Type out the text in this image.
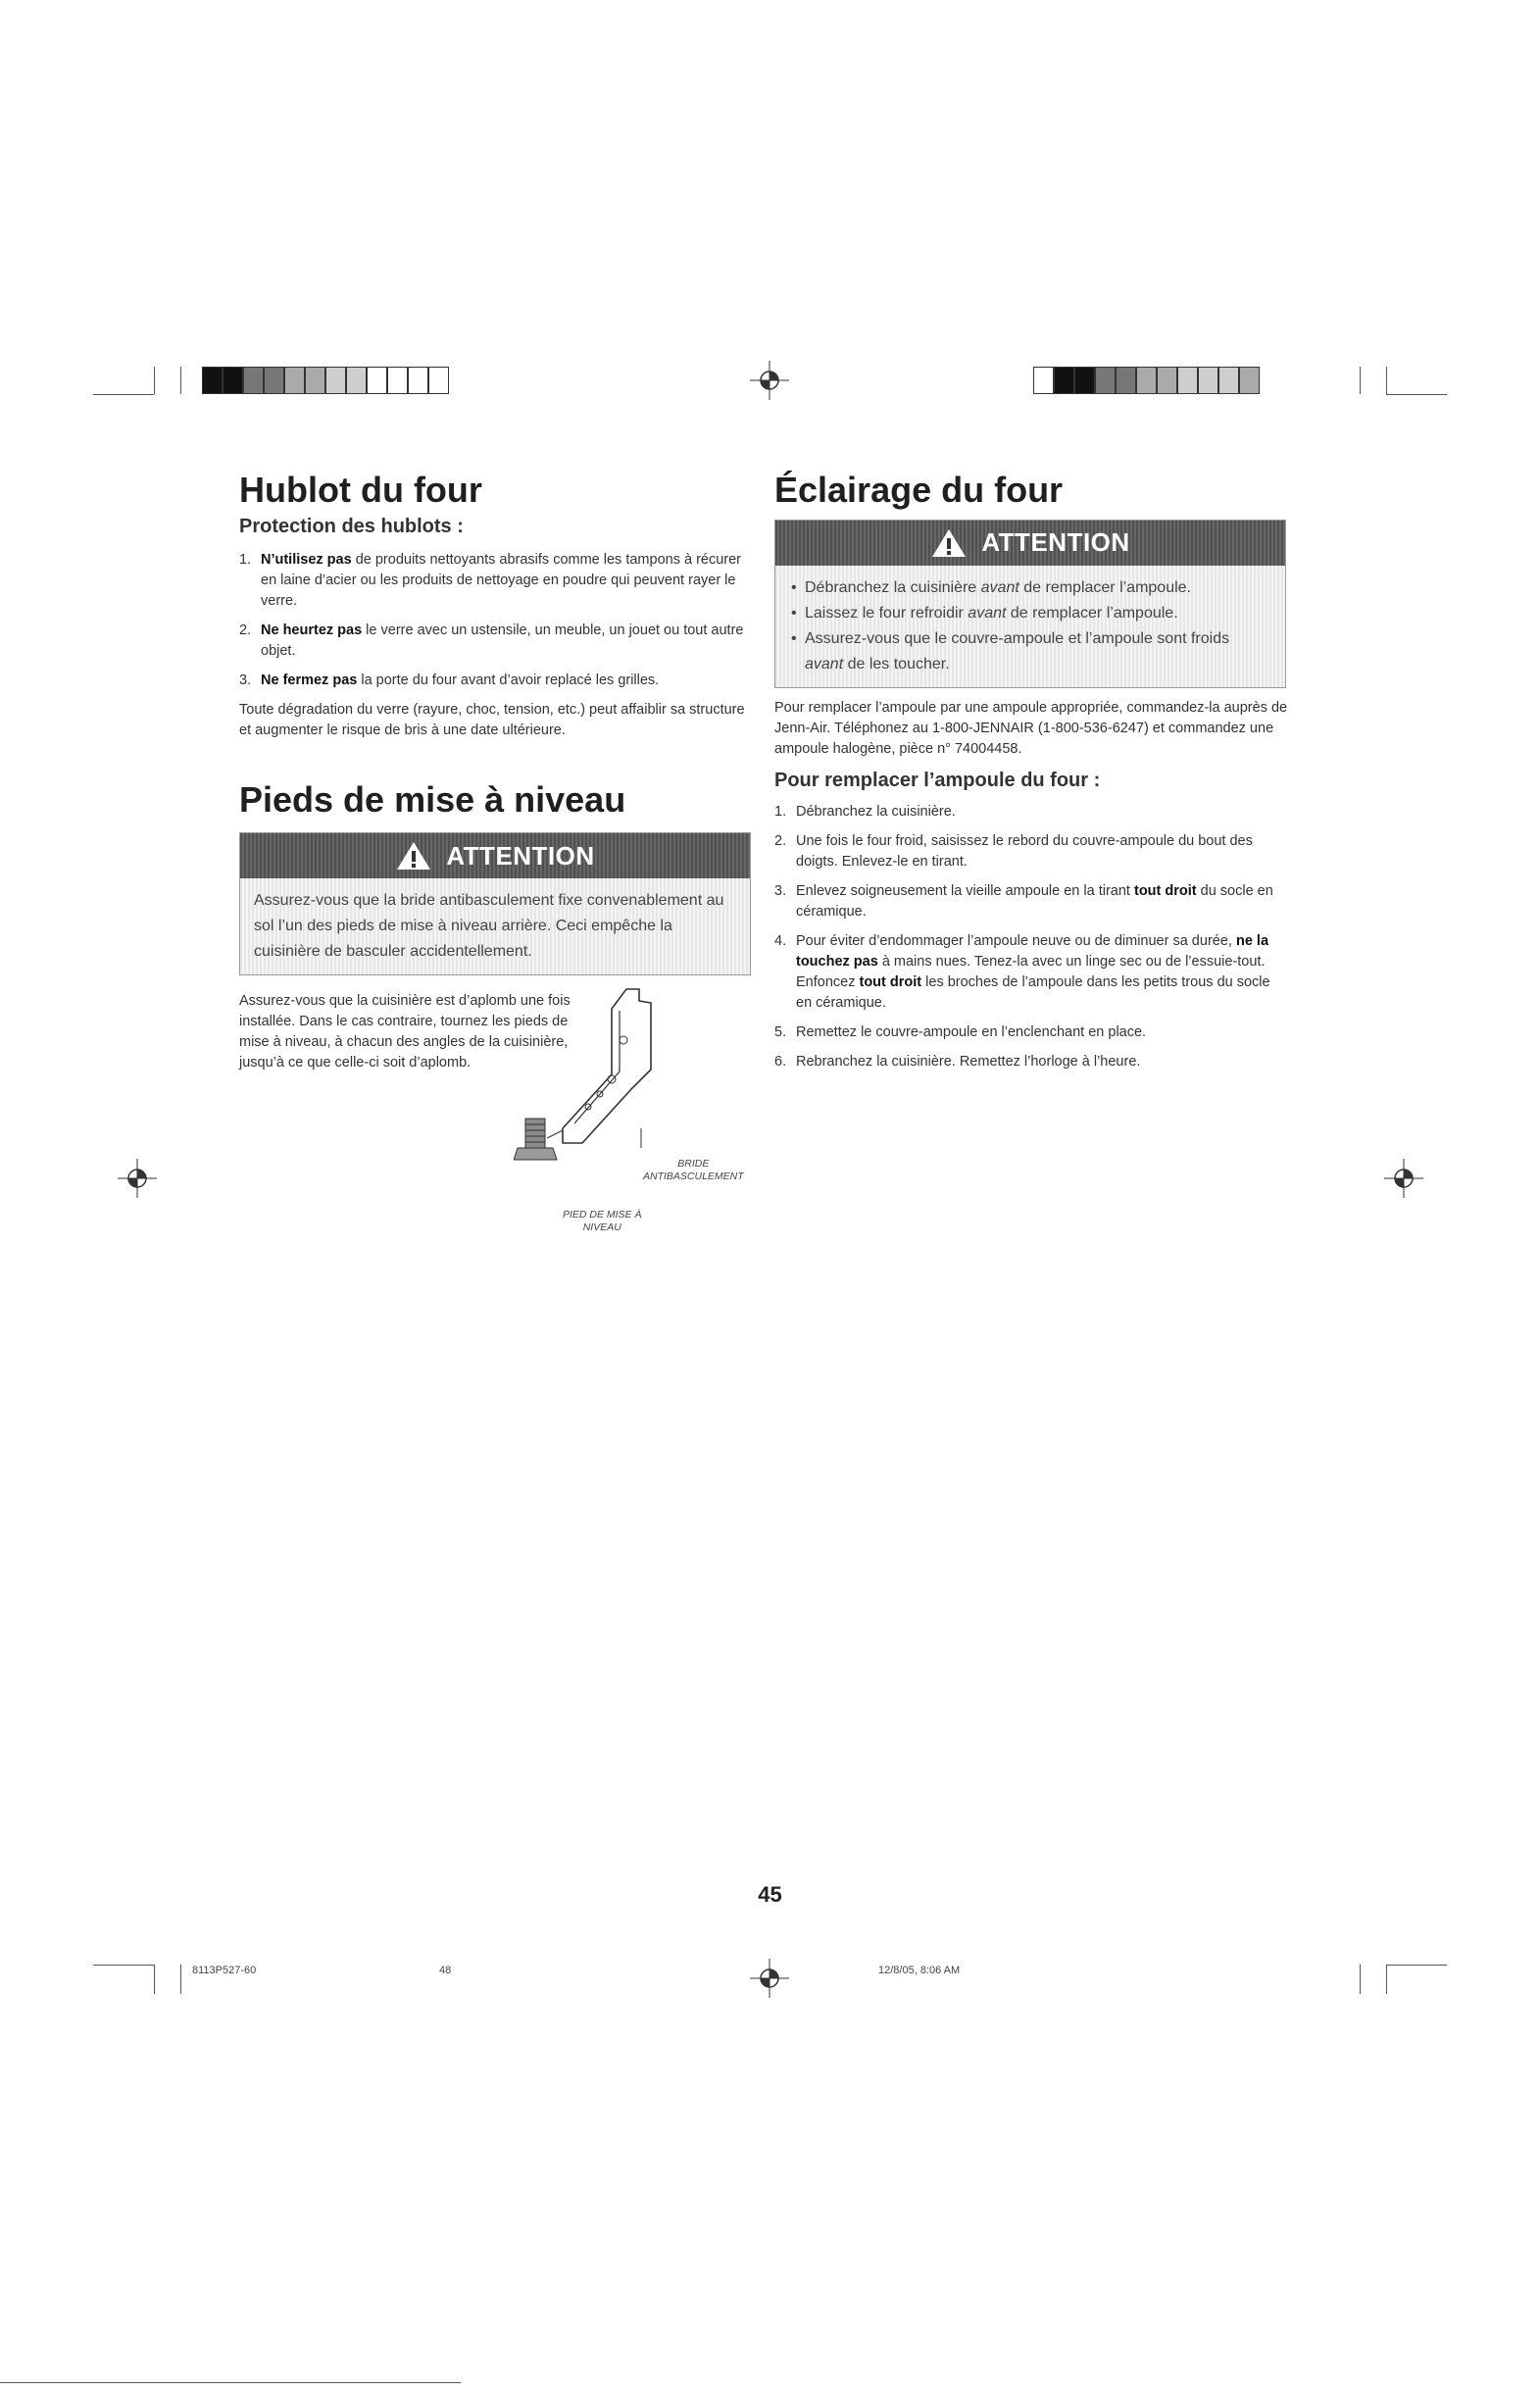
Hublot du four
Protection des hublots :
1. N’utilisez pas de produits nettoyants abrasifs comme les tampons à récurer en laine d’acier ou les produits de nettoyage en poudre qui peuvent rayer le verre.
2. Ne heurtez pas le verre avec un ustensile, un meuble, un jouet ou tout autre objet.
3. Ne fermez pas la porte du four avant d’avoir replacé les grilles.

Toute dégradation du verre (rayure, choc, tension, etc.) peut affaiblir sa structure et augmenter le risque de bris à une date ultérieure.

Pieds de mise à niveau
ATTENTION
Assurez-vous que la bride antibasculement fixe convenablement au sol l’un des pieds de mise à niveau arrière. Ceci empêche la cuisinière de basculer accidentellement.

Assurez-vous que la cuisinière est d’aplomb une fois installée. Dans le cas contraire, tournez les pieds de mise à niveau, à chacun des angles de la cuisinière, jusqu’à ce que celle-ci soit d’aplomb.

BRIDE
ANTIBASCULEMENT
PIED DE MISE À
NIVEAU
Éclairage du four
ATTENTION
• Débranchez la cuisinière avant de remplacer l’ampoule.
• Laissez le four refroidir avant de remplacer l’ampoule.
• Assurez-vous que le couvre-ampoule et l’ampoule sont froids avant de les toucher.

Pour remplacer l’ampoule par une ampoule appropriée, commandez-la auprès de Jenn-Air. Téléphonez au 1-800-JENNAIR (1-800-536-6247) et commandez une ampoule halogène, pièce n° 74004458.

Pour remplacer l’ampoule du four :
1. Débranchez la cuisinière.
2. Une fois le four froid, saisissez le rebord du couvre-ampoule du bout des doigts. Enlevez-le en tirant.
3. Enlevez soigneusement la vieille ampoule en la tirant tout droit du socle en céramique.
4. Pour éviter d’endommager l’ampoule neuve ou de diminuer sa durée, ne la touchez pas à mains nues. Tenez-la avec un linge sec ou de l’essuie-tout. Enfoncez tout droit les broches de l’ampoule dans les petits trous du socle en céramique.
5. Remettez le couvre-ampoule en l’enclenchant en place.
6. Rebranchez la cuisinière. Remettez l’horloge à l’heure.
45
8113P527-60	48	12/8/05, 8:06 AM
